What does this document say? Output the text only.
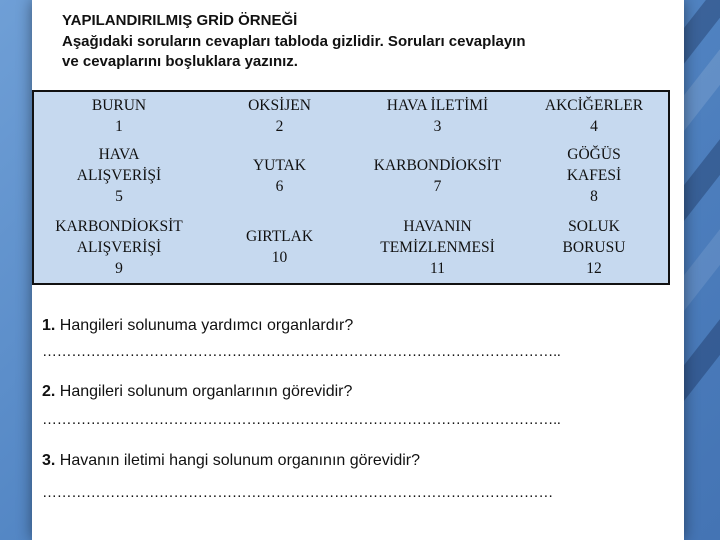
YAPILANDIRILMIŞ GRİD ÖRNEĞİ
Aşağıdaki soruların cevapları tabloda gizlidir. Soruları cevaplayın
ve cevaplarını boşluklara yazınız.
BURUN
1	OKSİJEN
2	HAVA İLETİMİ
3	AKCİĞERLER
4

HAVA
ALIŞVERİŞİ
5	YUTAK
6	KARBONDİOKSİT
7	GÖĞÜS
KAFESİ
8

KARBONDİOKSİT
ALIŞVERİŞİ
9	GIRTLAK
10	HAVANIN
TEMİZLENMESİ
11	SOLUK
BORUSU
12
1. Hangileri solunuma yardımcı organlardır?
……………………………………………………………………………………………..
2. Hangileri solunum organlarının görevidir?
……………………………………………………………………………………………..
3. Havanın iletimi hangi solunum organının görevidir?
……………………………………………………………………………………………
